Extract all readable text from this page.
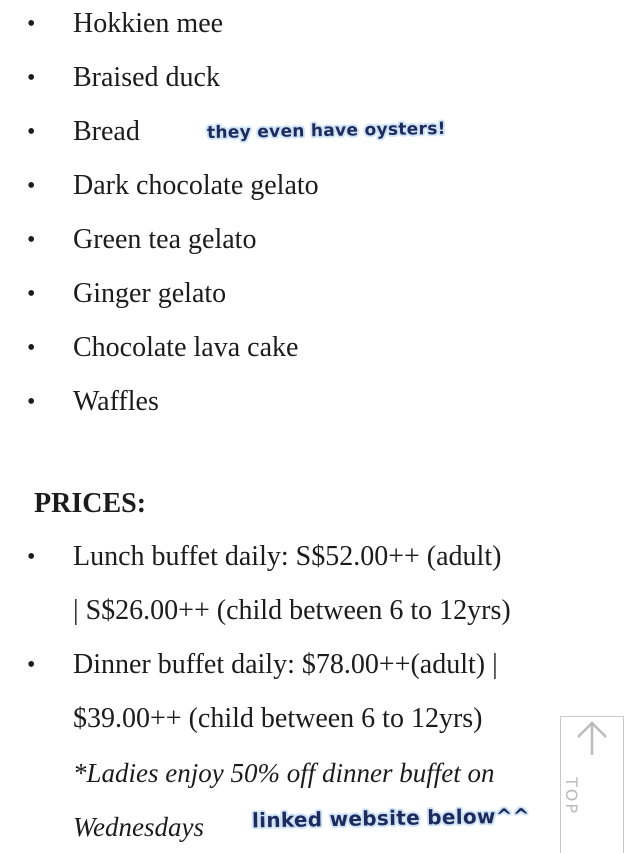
• Hokkien mee
• Braised duck
• Bread
• Dark chocolate gelato
• Green tea gelato
• Ginger gelato
• Chocolate lava cake
• Waffles
they even have oysters!
PRICES:
• Lunch buffet daily: S$52.00++ (adult)
| S$26.00++ (child between 6 to 12yrs)
• Dinner buffet daily: $78.00++(adult) |
$39.00++ (child between 6 to 12yrs)
*Ladies enjoy 50% off dinner buffet on
Wednesdays linked website below^^
TOP
